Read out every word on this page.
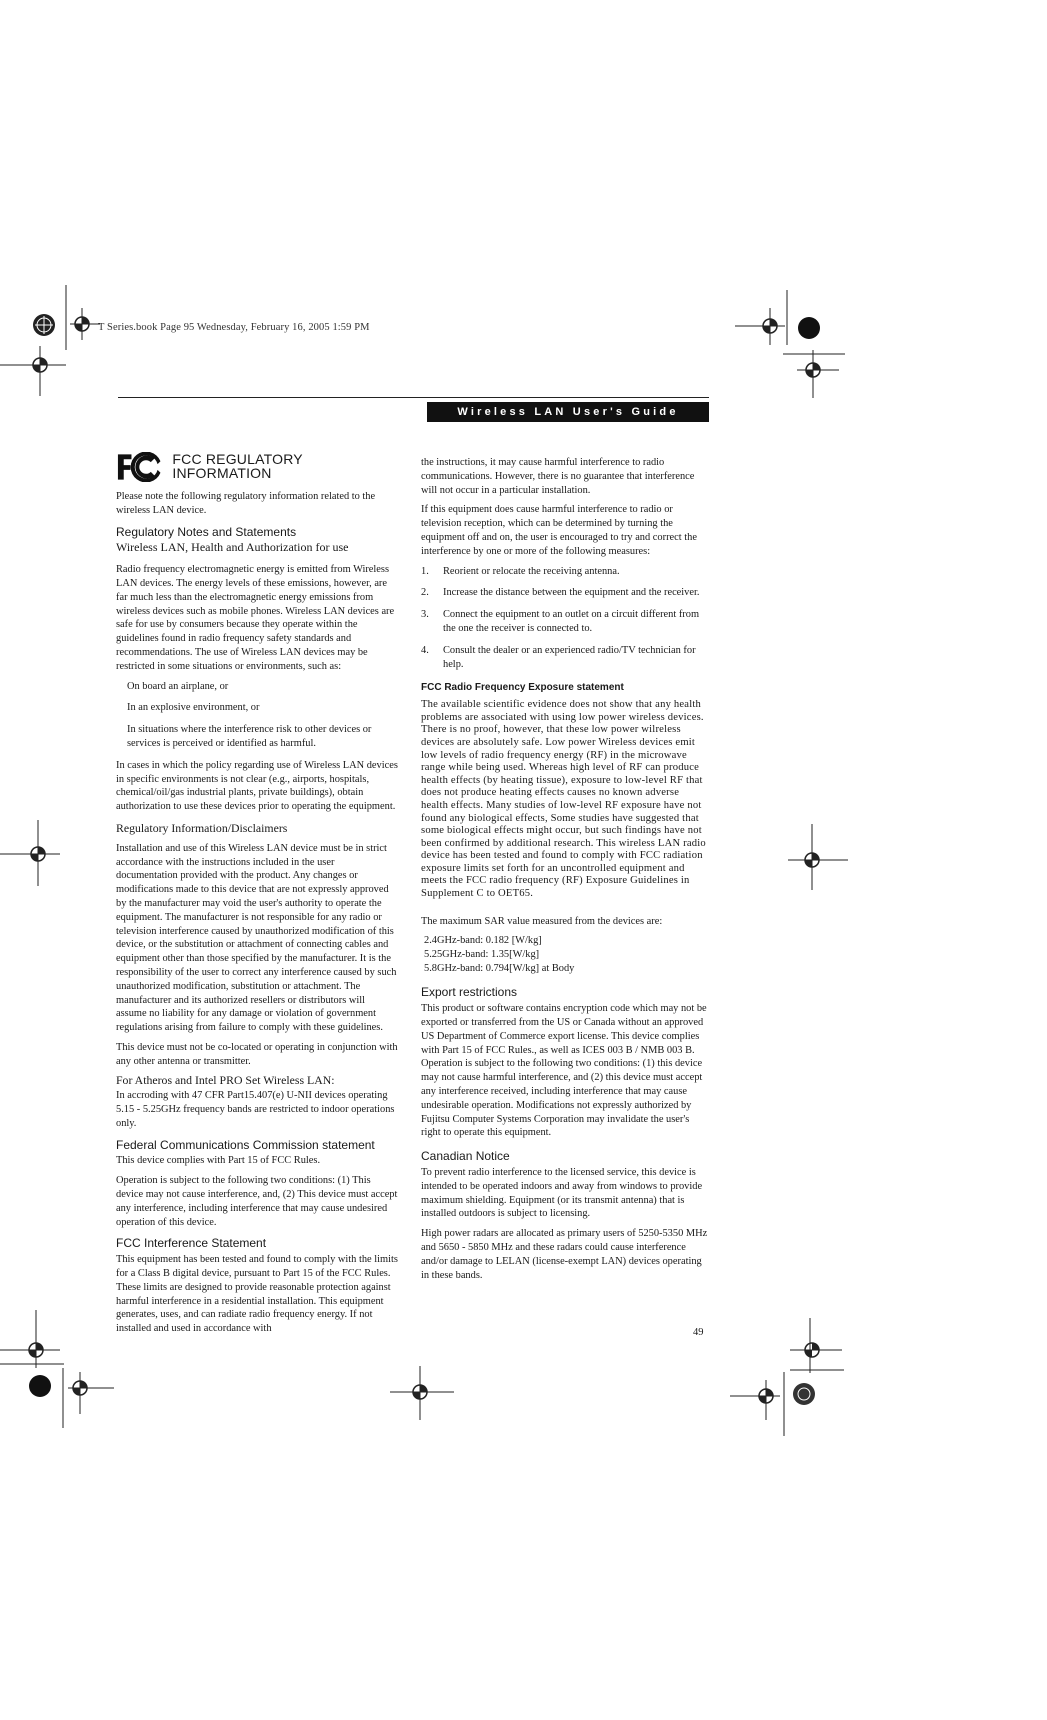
T Series.book Page 95 Wednesday, February 16, 2005 1:59 PM
Wireless LAN User's Guide
FCC REGULATORY INFORMATION

Please note the following regulatory information related to the wireless LAN device.

Regulatory Notes and Statements
Wireless LAN, Health and Authorization for use

Radio frequency electromagnetic energy is emitted from Wireless LAN devices. The energy levels of these emissions, however, are far much less than the electromagnetic energy emissions from wireless devices such as mobile phones. Wireless LAN devices are safe for use by consumers because they operate within the guidelines found in radio frequency safety standards and recommendations. The use of Wireless LAN devices may be restricted in some situations or environments, such as:

On board an airplane, or
In an explosive environment, or
In situations where the interference risk to other devices or services is perceived or identified as harmful.

In cases in which the policy regarding use of Wireless LAN devices in specific environments is not clear (e.g., airports, hospitals, chemical/oil/gas industrial plants, private buildings), obtain authorization to use these devices prior to operating the equipment.

Regulatory Information/Disclaimers

Installation and use of this Wireless LAN device must be in strict accordance with the instructions included in the user documentation provided with the product. Any changes or modifications made to this device that are not expressly approved by the manufacturer may void the user's authority to operate the equipment. The manufacturer is not responsible for any radio or television interference caused by unauthorized modification of this device, or the substitution or attachment of connecting cables and equipment other than those specified by the manufacturer. It is the responsibility of the user to correct any interference caused by such unauthorized modification, substitution or attachment. The manufacturer and its authorized resellers or distributors will assume no liability for any damage or violation of government regulations arising from failure to comply with these guidelines.

This device must not be co-located or operating in conjunction with any other antenna or transmitter.

For Atheros and Intel PRO Set Wireless LAN:

In accroding with 47 CFR Part15.407(e) U-NII devices operating 5.15 - 5.25GHz frequency bands are restricted to indoor operations only.

Federal Communications Commission statement

This device complies with Part 15 of FCC Rules.

Operation is subject to the following two conditions: (1) This device may not cause interference, and, (2) This device must accept any interference, including interference that may cause undesired operation of this device.

FCC Interference Statement

This equipment has been tested and found to comply with the limits for a Class B digital device, pursuant to Part 15 of the FCC Rules. These limits are designed to provide reasonable protection against harmful interference in a residential installation. This equipment generates, uses, and can radiate radio frequency energy. If not installed and used in accordance with

the instructions, it may cause harmful interference to radio communications. However, there is no guarantee that interference will not occur in a particular installation.

If this equipment does cause harmful interference to radio or television reception, which can be determined by turning the equipment off and on, the user is encouraged to try and correct the interference by one or more of the following measures:

1.	Reorient or relocate the receiving antenna.
2.	Increase the distance between the equipment and the receiver.
3.	Connect the equipment to an outlet on a circuit different from the one the receiver is connected to.
4.	Consult the dealer or an experienced radio/TV technician for help.
FCC Radio Frequency Exposure statement

The available scientific evidence does not show that any health problems are associated with using low power wireless devices. There is no proof, however, that these low power wilreless devices are absolutely safe. Low power Wireless devices emit low levels of radio frequency energy (RF) in the microwave range while being used. Whereas high level of RF can produce health effects (by heating tissue), exposure to low-level RF that does not produce heating effects causes no known adverse health effects. Many studies of low-level RF exposure have not found any biological effects, Some studies have suggested that some biological effects might occur, but such findings have not been confirmed by additional research. This wireless LAN radio device has been tested and found to comply with FCC radiation exposure limits set forth for an uncontrolled equipment and meets the FCC radio frequency (RF) Exposure Guidelines in Supplement C to OET65.

The maximum SAR value measured from the devices are:

2.4GHz-band: 0.182 [W/kg]
5.25GHz-band: 1.35[W/kg]
5.8GHz-band: 0.794[W/kg] at Body
Export restrictions

This product or software contains encryption code which may not be exported or transferred from the US or Canada without an approved US Department of Commerce export license. This device complies with Part 15 of FCC Rules., as well as ICES 003 B / NMB 003 B. Operation is subject to the following two conditions: (1) this device may not cause harmful interference, and (2) this device must accept any interference received, including interference that may cause undesirable operation. Modifications not expressly authorized by Fujitsu Computer Systems Corporation may invalidate the user's right to operate this equipment.

Canadian Notice

To prevent radio interference to the licensed service, this device is intended to be operated indoors and away from windows to provide maximum shielding. Equipment (or its transmit antenna) that is installed outdoors is subject to licensing.

High power radars are allocated as primary users of 5250-5350 MHz and 5650 - 5850 MHz and these radars could cause interference and/or damage to LELAN (license-exempt LAN) devices operating in these bands.

49
